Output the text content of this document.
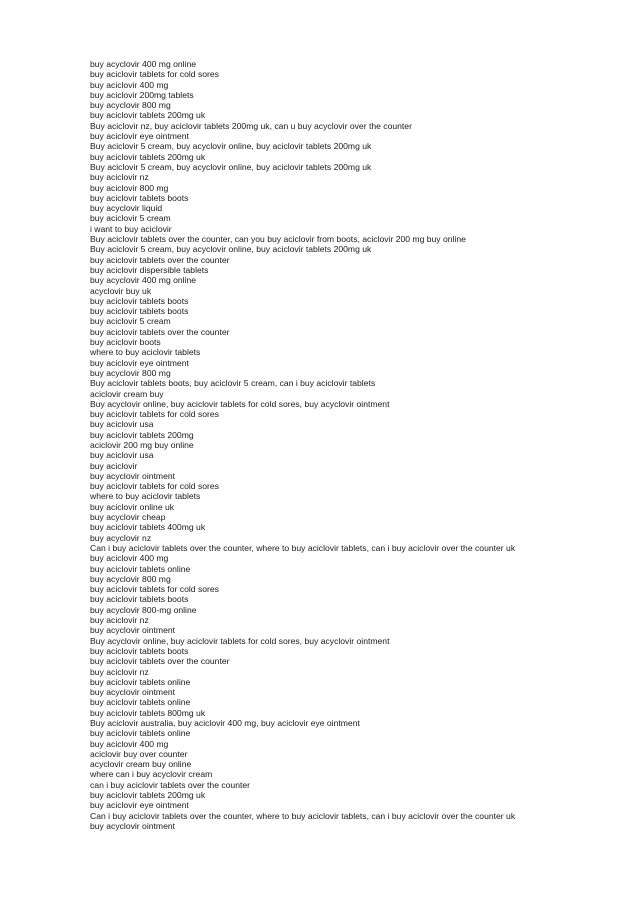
buy acyclovir 400 mg online
buy aciclovir tablets for cold sores
buy aciclovir 400 mg
buy aciclovir 200mg tablets
buy acyclovir 800 mg
buy aciclovir tablets 200mg uk
Buy aciclovir nz, buy aciclovir tablets 200mg uk, can u buy acyclovir over the counter
buy aciclovir eye ointment
Buy aciclovir 5 cream, buy acyclovir online, buy aciclovir tablets 200mg uk
buy aciclovir tablets 200mg uk
Buy aciclovir 5 cream, buy acyclovir online, buy aciclovir tablets 200mg uk
buy aciclovir nz
buy aciclovir 800 mg
buy aciclovir tablets boots
buy acyclovir liquid
buy aciclovir 5 cream
i want to buy aciclovir
Buy aciclovir tablets over the counter, can you buy aciclovir from boots, aciclovir 200 mg buy online
Buy aciclovir 5 cream, buy acyclovir online, buy aciclovir tablets 200mg uk
buy aciclovir tablets over the counter
buy aciclovir dispersible tablets
buy acyclovir 400 mg online
acyclovir buy uk
buy aciclovir tablets boots
buy aciclovir tablets boots
buy aciclovir 5 cream
buy aciclovir tablets over the counter
buy aciclovir boots
where to buy aciclovir tablets
buy aciclovir eye ointment
buy acyclovir 800 mg
Buy aciclovir tablets boots, buy aciclovir 5 cream, can i buy aciclovir tablets
aciclovir cream buy
Buy acyclovir online, buy aciclovir tablets for cold sores, buy acyclovir ointment
buy aciclovir tablets for cold sores
buy aciclovir usa
buy aciclovir tablets 200mg
aciclovir 200 mg buy online
buy aciclovir usa
buy aciclovir
buy acyclovir ointment
buy aciclovir tablets for cold sores
where to buy aciclovir tablets
buy aciclovir online uk
buy acyclovir cheap
buy aciclovir tablets 400mg uk
buy acyclovir nz
Can i buy aciclovir tablets over the counter, where to buy aciclovir tablets, can i buy aciclovir over the counter uk
buy aciclovir 400 mg
buy aciclovir tablets online
buy acyclovir 800 mg
buy aciclovir tablets for cold sores
buy aciclovir tablets boots
buy acyclovir 800-mg online
buy aciclovir nz
buy acyclovir ointment
Buy acyclovir online, buy aciclovir tablets for cold sores, buy acyclovir ointment
buy aciclovir tablets boots
buy aciclovir tablets over the counter
buy aciclovir nz
buy aciclovir tablets online
buy acyclovir ointment
buy aciclovir tablets online
buy aciclovir tablets 800mg uk
Buy aciclovir australia, buy aciclovir 400 mg, buy aciclovir eye ointment
buy aciclovir tablets online
buy aciclovir 400 mg
aciclovir buy over counter
acyclovir cream buy online
where can i buy acyclovir cream
can i buy aciclovir tablets over the counter
buy aciclovir tablets 200mg uk
buy aciclovir eye ointment
Can i buy aciclovir tablets over the counter, where to buy aciclovir tablets, can i buy aciclovir over the counter uk
buy acyclovir ointment
